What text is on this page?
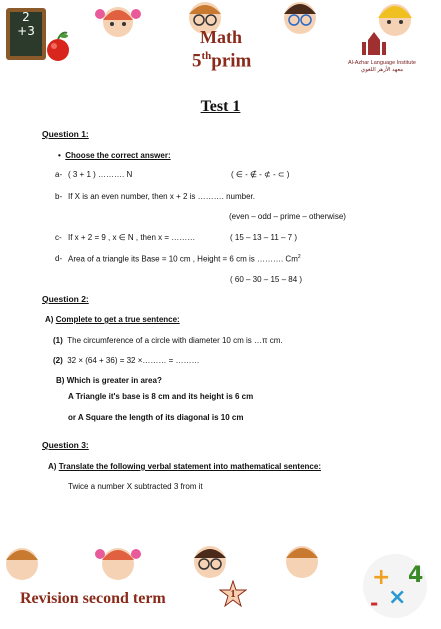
2
+3	Math
5thprim	Al-Azhar Language Institute
معهد الأزهر اللغوي
Test 1
Question 1:
•  Choose the correct answer:
a- ( 3 + 1 ) ………. N	( ∈ - ∉ - ⊄ - ⊂ )
b- If X is an even number, then x + 2 is ………. number.
(even – odd – prime – otherwise)
c- If x + 2 = 9 , x ∈ N , then x = ………	( 15 – 13 – 11 – 7 )
d- Area of a triangle its Base = 10 cm , Height = 6 cm is ………. Cm$^2$
( 60 – 30 – 15 – 84 )
Question 2:
A) Complete to get a true sentence:
(1) The circumference of a circle with diameter 10 cm is …π cm.
(2) 32 × (64 + 36) = 32 ×……… = ………
B) Which is greater in area?
A Triangle it's base is 8 cm and its height is 6 cm
or A Square the length of its diagonal is 10 cm
Question 3:
A) Translate the following verbal statement into mathematical sentence:
Twice a number X subtracted 3 from it
+
×
4
-
1
Revision second term
